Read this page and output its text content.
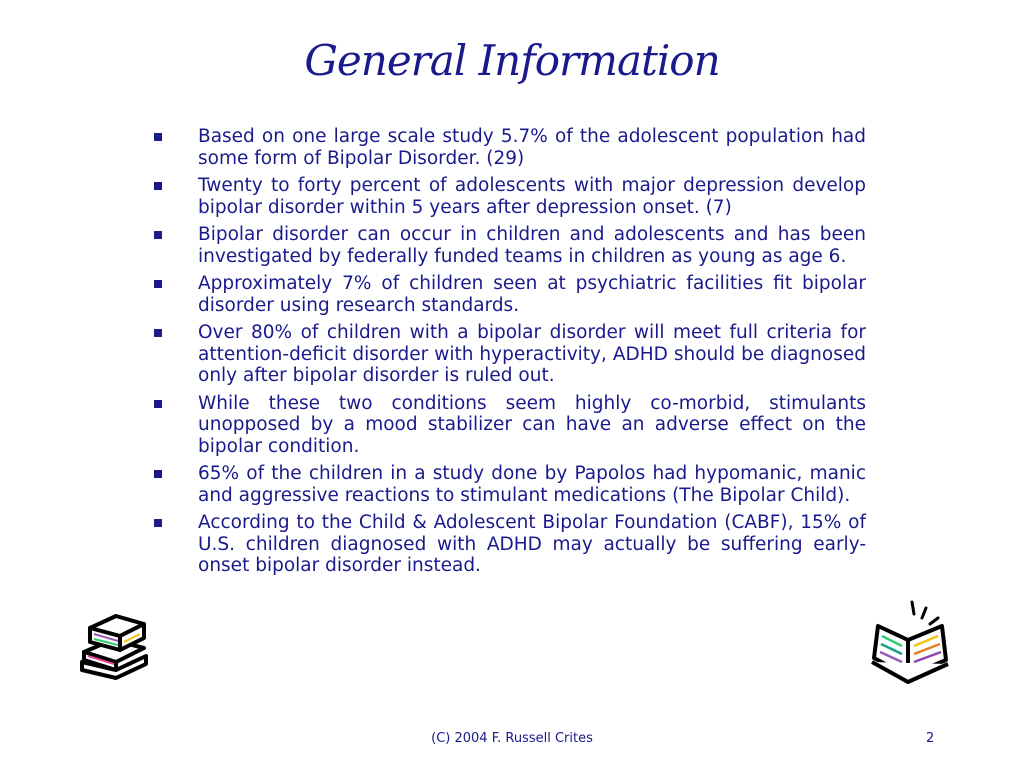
General Information
Based on one large scale study 5.7% of the adolescent population had some form of Bipolar Disorder. (29)
Twenty to forty percent of adolescents with major depression develop bipolar disorder within 5 years after depression onset. (7)
Bipolar disorder can occur in children and adolescents and has been investigated by federally funded teams in children as young as age 6.
Approximately 7% of children seen at psychiatric facilities fit bipolar disorder using research standards.
Over 80% of children with a bipolar disorder will meet full criteria for attention-deficit disorder with hyperactivity, ADHD should be diagnosed only after bipolar disorder is ruled out.
While these two conditions seem highly co-morbid, stimulants unopposed by a mood stabilizer can have an adverse effect on the bipolar condition.
65% of the children in a study done by Papolos had hypomanic, manic and aggressive reactions to stimulant medications (The Bipolar Child).
According to the Child & Adolescent Bipolar Foundation (CABF), 15% of U.S. children diagnosed with ADHD may actually be suffering early-onset bipolar disorder instead.
(C) 2004 F. Russell Crites	2
